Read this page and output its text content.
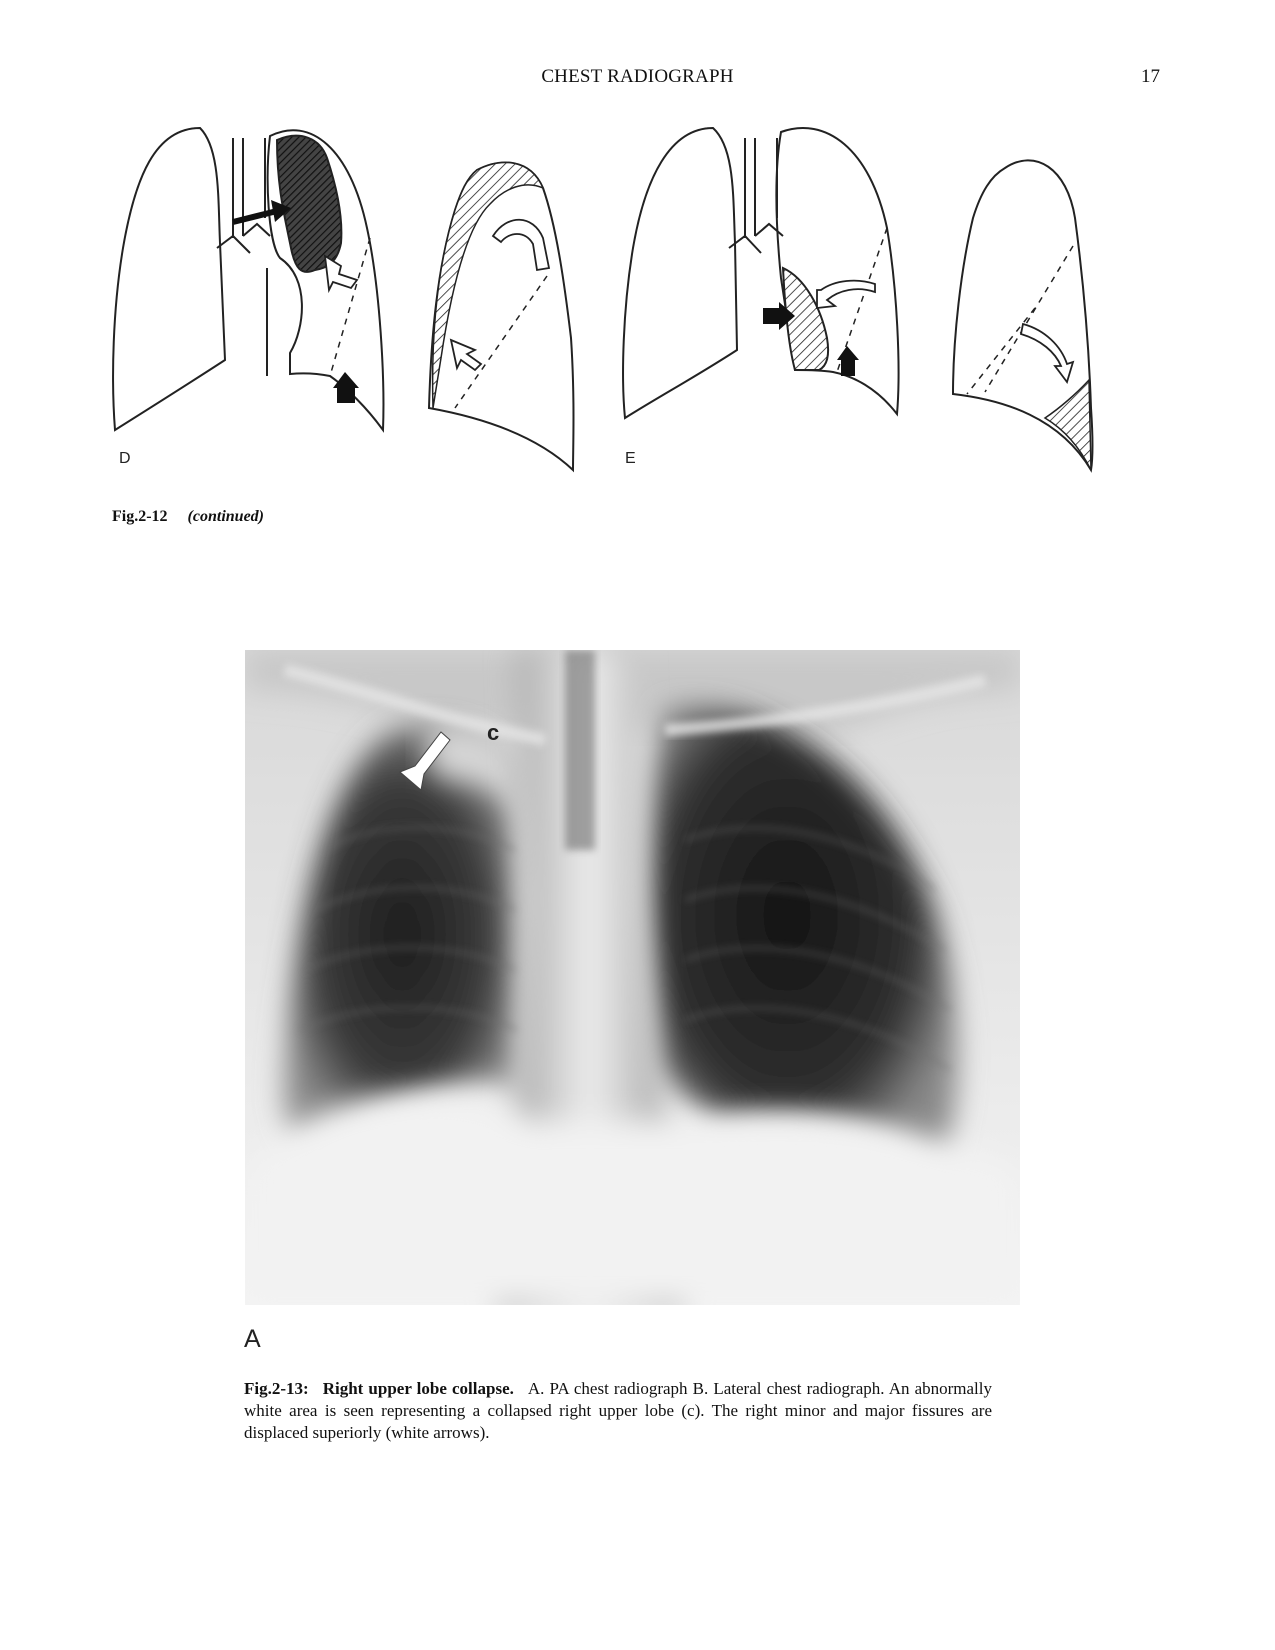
CHEST RADIOGRAPH	17
D	E
Fig.2-12 (continued)
c
A
Fig.2-13: Right upper lobe collapse. A. PA chest radiograph B. Lateral chest radiograph. An abnormally white area is seen representing a collapsed right upper lobe (c). The right minor and major fissures are displaced superiorly (white arrows).
